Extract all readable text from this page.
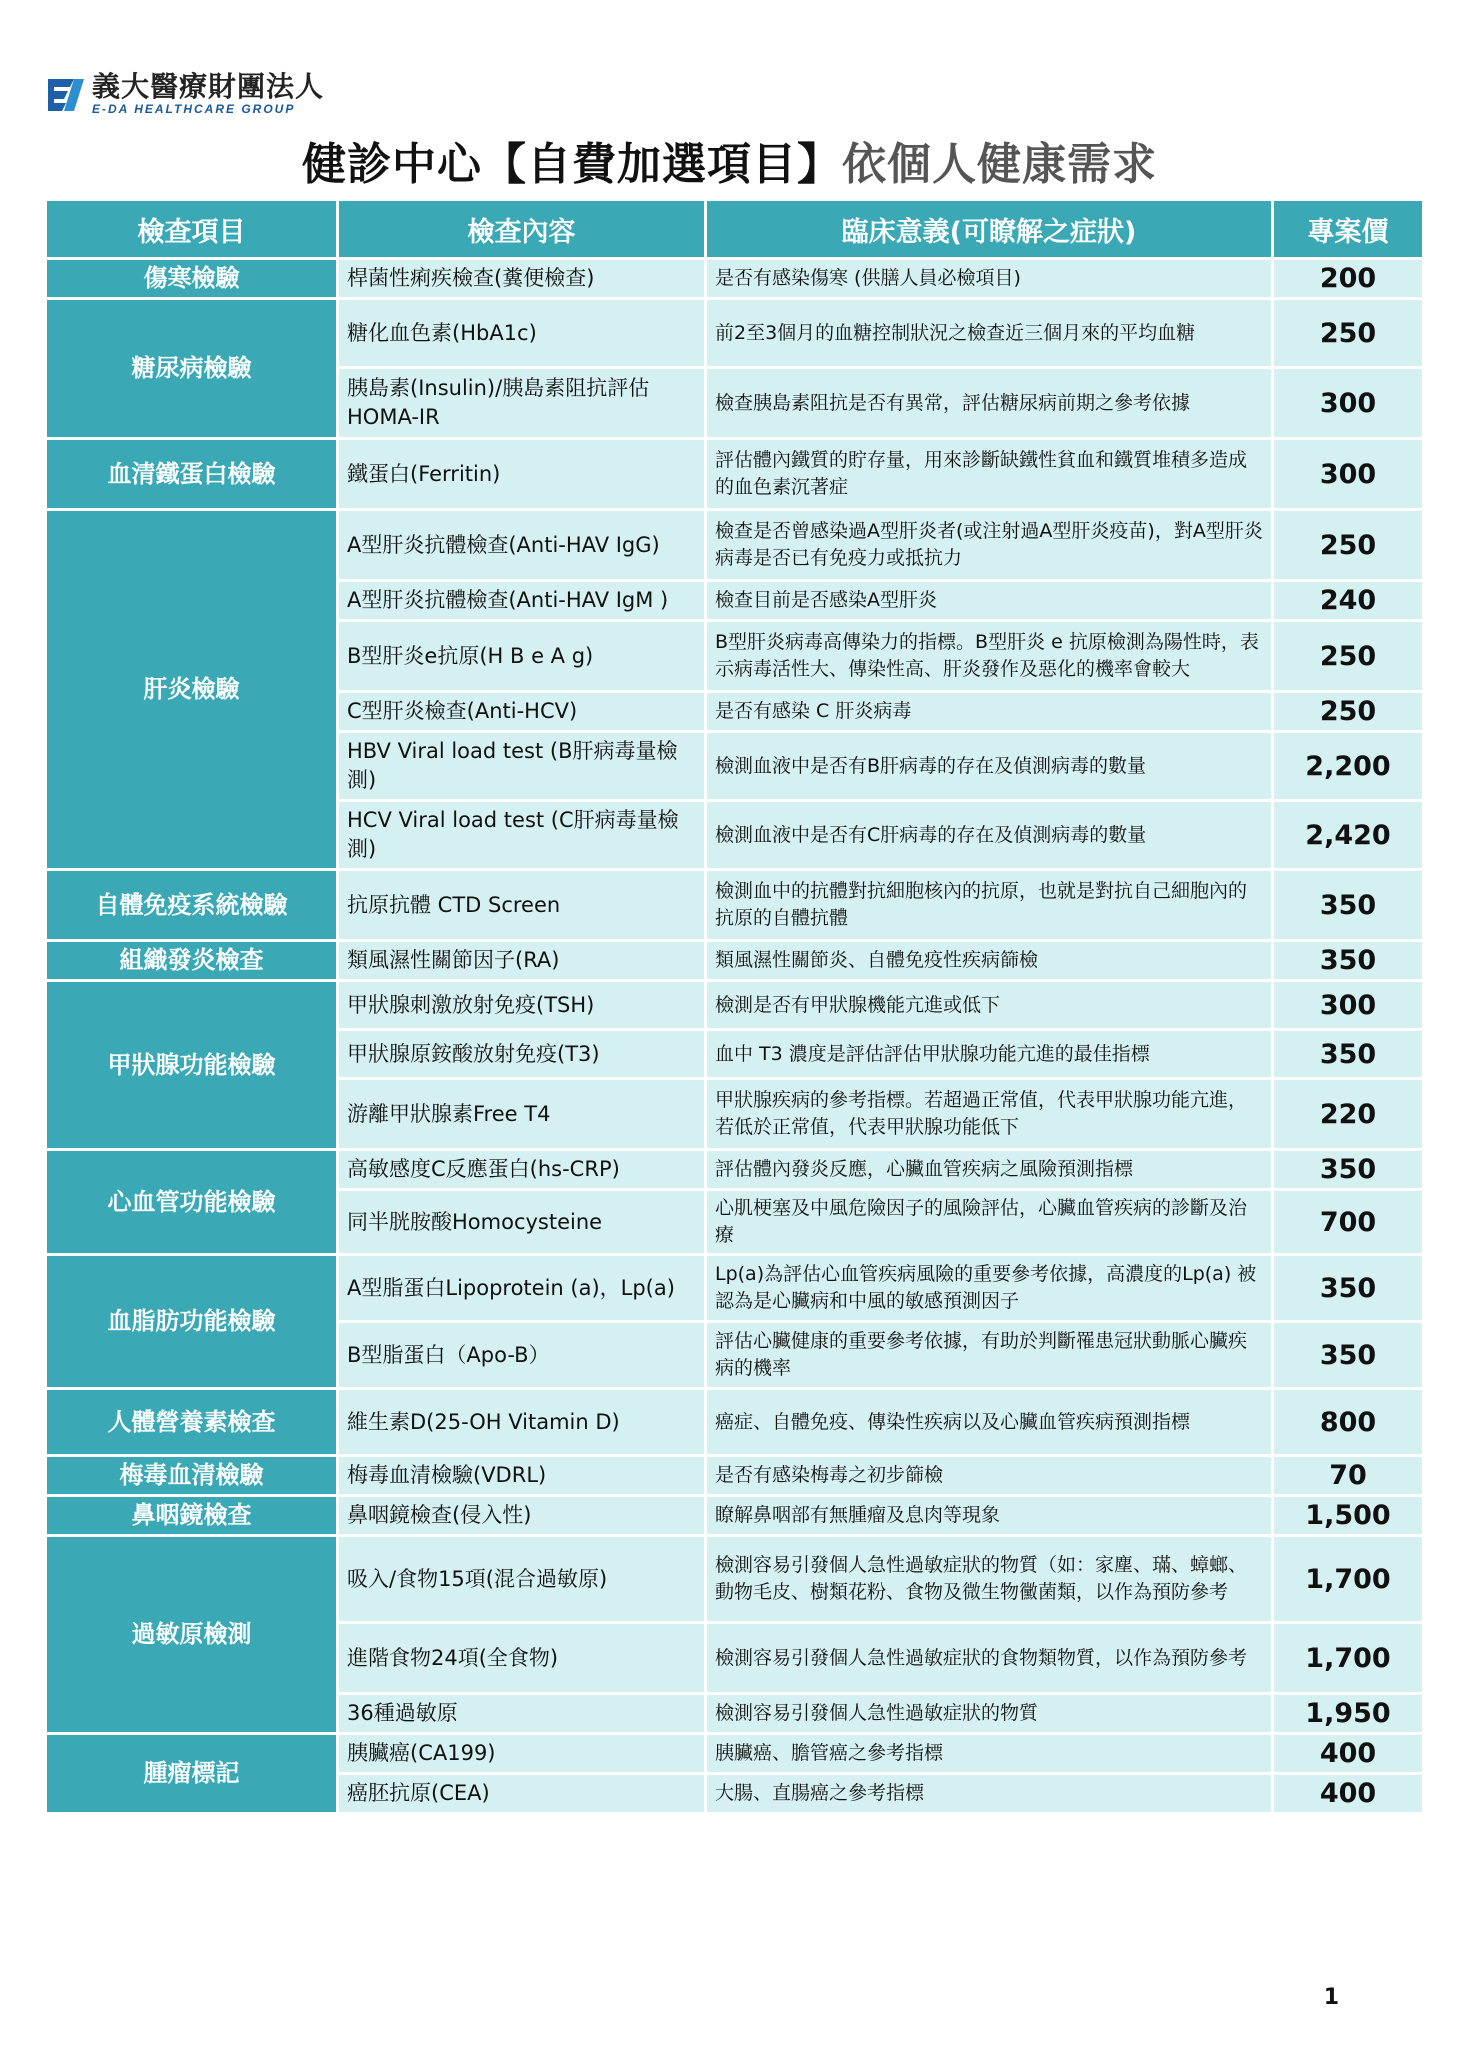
義大醫療財團法人
E-DA HEALTHCARE GROUP
健診中心【自費加選項目】依個人健康需求
檢查項目	檢查內容	臨床意義(可瞭解之症狀)	專案價
傷寒檢驗	桿菌性痢疾檢查(糞便檢查)	是否有感染傷寒 (供膳人員必檢項目)	200
糖尿病檢驗	糖化血色素(HbA1c)	前2至3個月的血糖控制狀況之檢查近三個月來的平均血糖	250
	胰島素(Insulin)/胰島素阻抗評估HOMA-IR	檢查胰島素阻抗是否有異常，評估糖尿病前期之參考依據	300
血清鐵蛋白檢驗	鐵蛋白(Ferritin)	評估體內鐵質的貯存量，用來診斷缺鐵性貧血和鐵質堆積多造成的血色素沉著症	300
肝炎檢驗	A型肝炎抗體檢查(Anti-HAV IgG)	檢查是否曾感染過A型肝炎者(或注射過A型肝炎疫苗)，對A型肝炎病毒是否已有免疫力或抵抗力	250
	A型肝炎抗體檢查(Anti-HAV IgM )	檢查目前是否感染A型肝炎	240
	B型肝炎e抗原(H B e A g)	B型肝炎病毒高傳染力的指標。B型肝炎 e 抗原檢測為陽性時，表示病毒活性大、傳染性高、肝炎發作及惡化的機率會較大	250
	C型肝炎檢查(Anti-HCV)	是否有感染 C 肝炎病毒	250
	HBV Viral load test (B肝病毒量檢測)	檢測血液中是否有B肝病毒的存在及偵測病毒的數量	2,200
	HCV Viral load test (C肝病毒量檢測)	檢測血液中是否有C肝病毒的存在及偵測病毒的數量	2,420
自體免疫系統檢驗	抗原抗體 CTD Screen	檢測血中的抗體對抗細胞核內的抗原，也就是對抗自己細胞內的抗原的自體抗體	350
組織發炎檢查	類風濕性關節因子(RA)	類風濕性關節炎、自體免疫性疾病篩檢	350
甲狀腺功能檢驗	甲狀腺刺激放射免疫(TSH)	檢測是否有甲狀腺機能亢進或低下	300
	甲狀腺原銨酸放射免疫(T3)	血中 T3 濃度是評估評估甲狀腺功能亢進的最佳指標	350
	游離甲狀腺素Free T4	甲狀腺疾病的參考指標。若超過正常值，代表甲狀腺功能亢進，若低於正常值，代表甲狀腺功能低下	220
心血管功能檢驗	高敏感度C反應蛋白(hs-CRP)	評估體內發炎反應，心臟血管疾病之風險預測指標	350
	同半胱胺酸Homocysteine	心肌梗塞及中風危險因子的風險評估，心臟血管疾病的診斷及治療	700
血脂肪功能檢驗	A型脂蛋白Lipoprotein (a)，Lp(a)	Lp(a)為評估心血管疾病風險的重要參考依據，高濃度的Lp(a) 被認為是心臟病和中風的敏感預測因子	350
	B型脂蛋白（Apo-B）	評估心臟健康的重要參考依據，有助於判斷罹患冠狀動脈心臟疾病的機率	350
人體營養素檢查	維生素D(25-OH Vitamin D)	癌症、自體免疫、傳染性疾病以及心臟血管疾病預測指標	800
梅毒血清檢驗	梅毒血清檢驗(VDRL)	是否有感染梅毒之初步篩檢	70
鼻咽鏡檢查	鼻咽鏡檢查(侵入性)	瞭解鼻咽部有無腫瘤及息肉等現象	1,500
過敏原檢測	吸入/食物15項(混合過敏原)	檢測容易引發個人急性過敏症狀的物質（如：家塵、璊、蟑螂、動物毛皮、樹類花粉、食物及微生物黴菌類，以作為預防參考	1,700
	進階食物24項(全食物)	檢測容易引發個人急性過敏症狀的食物類物質，以作為預防參考	1,700
	36種過敏原	檢測容易引發個人急性過敏症狀的物質	1,950
腫瘤標記	胰臟癌(CA199)	胰臟癌、膽管癌之參考指標	400
	癌胚抗原(CEA)	大腸、直腸癌之參考指標	400
1
